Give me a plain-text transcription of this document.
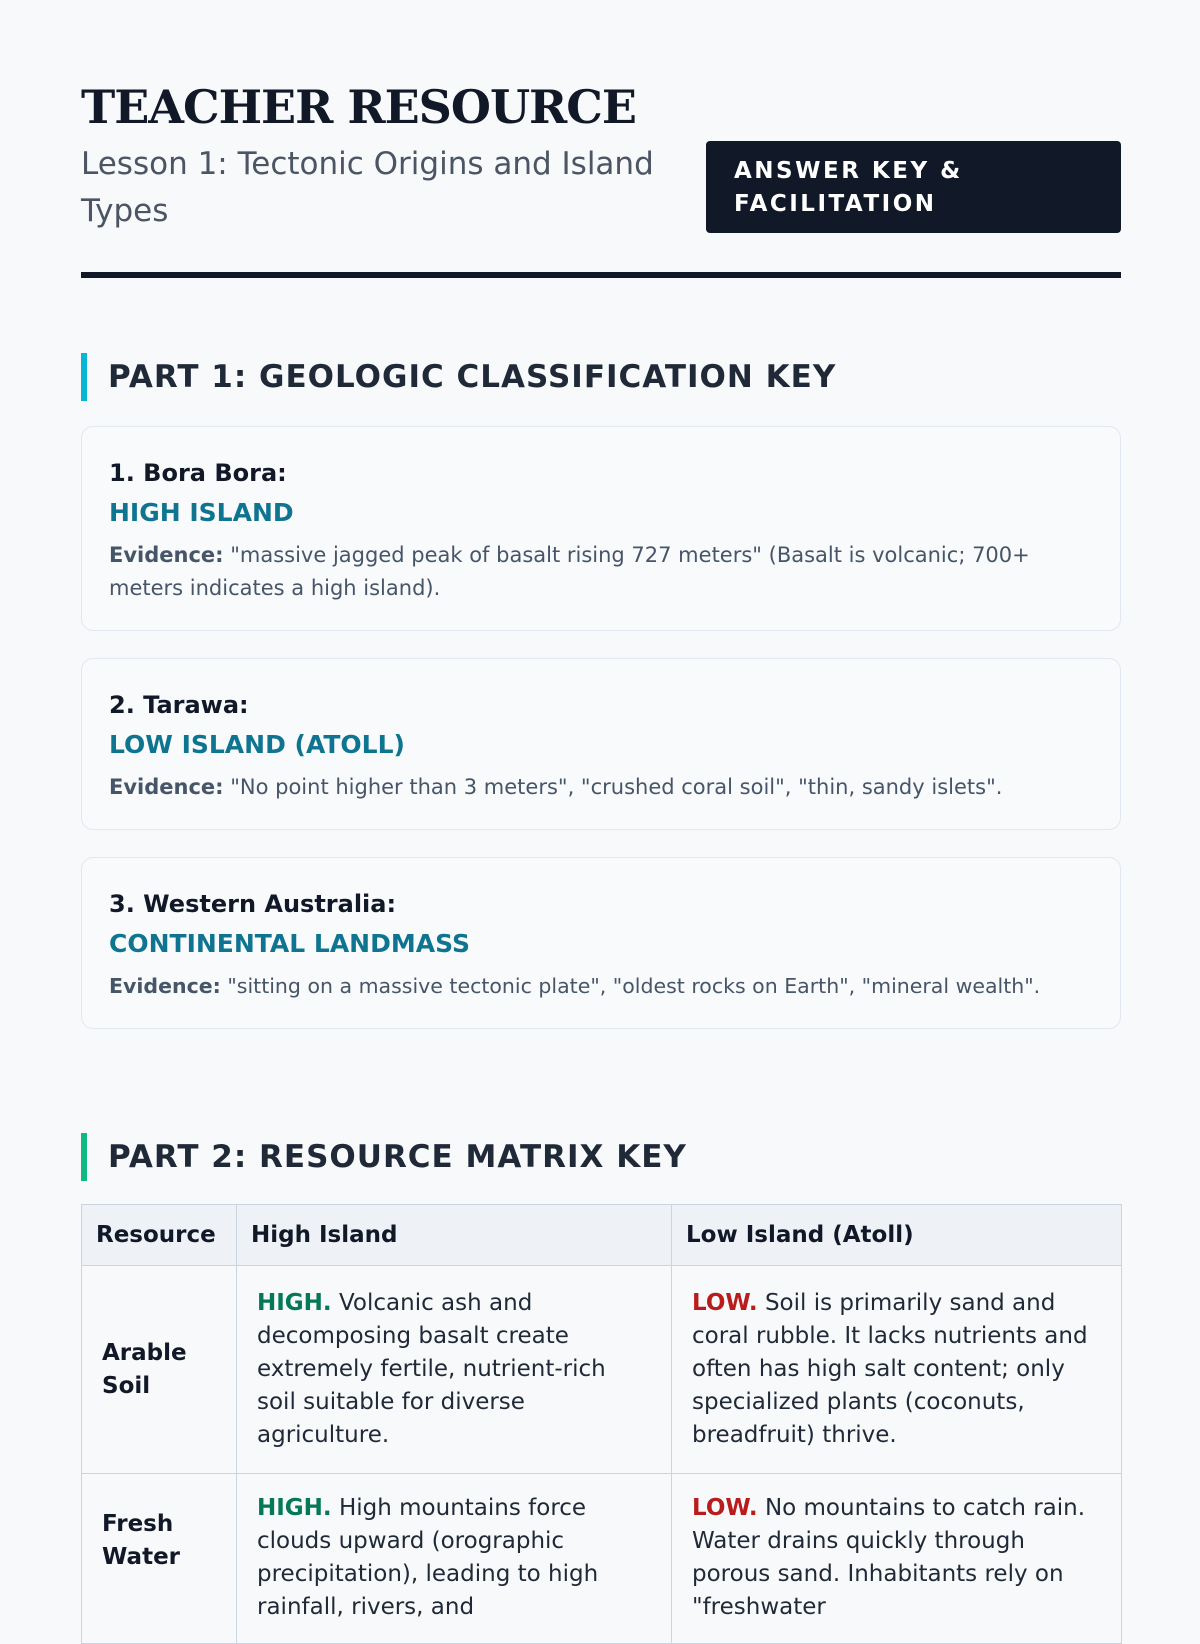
TEACHER RESOURCE

Lesson 1: Tectonic Origins and Island Types

ANSWER KEY & FACILITATION
PART 1: GEOLOGIC CLASSIFICATION KEY
1. Bora Bora:
HIGH ISLAND
Evidence: "massive jagged peak of basalt rising 727 meters" (Basalt is volcanic; 700+ meters indicates a high island).
2. Tarawa:
LOW ISLAND (ATOLL)
Evidence: "No point higher than 3 meters", "crushed coral soil", "thin, sandy islets".
3. Western Australia:
CONTINENTAL LANDMASS
Evidence: "sitting on a massive tectonic plate", "oldest rocks on Earth", "mineral wealth".
PART 2: RESOURCE MATRIX KEY
Resource	High Island	Low Island (Atoll)
Arable Soil	HIGH. Volcanic ash and decomposing basalt create extremely fertile, nutrient-rich soil suitable for diverse agriculture.	LOW. Soil is primarily sand and coral rubble. It lacks nutrients and often has high salt content; only specialized plants (coconuts, breadfruit) thrive.
Fresh Water	HIGH. High mountains force clouds upward (orographic precipitation), leading to high rainfall, rivers, and	LOW. No mountains to catch rain. Water drains quickly through porous sand. Inhabitants rely on "freshwater
